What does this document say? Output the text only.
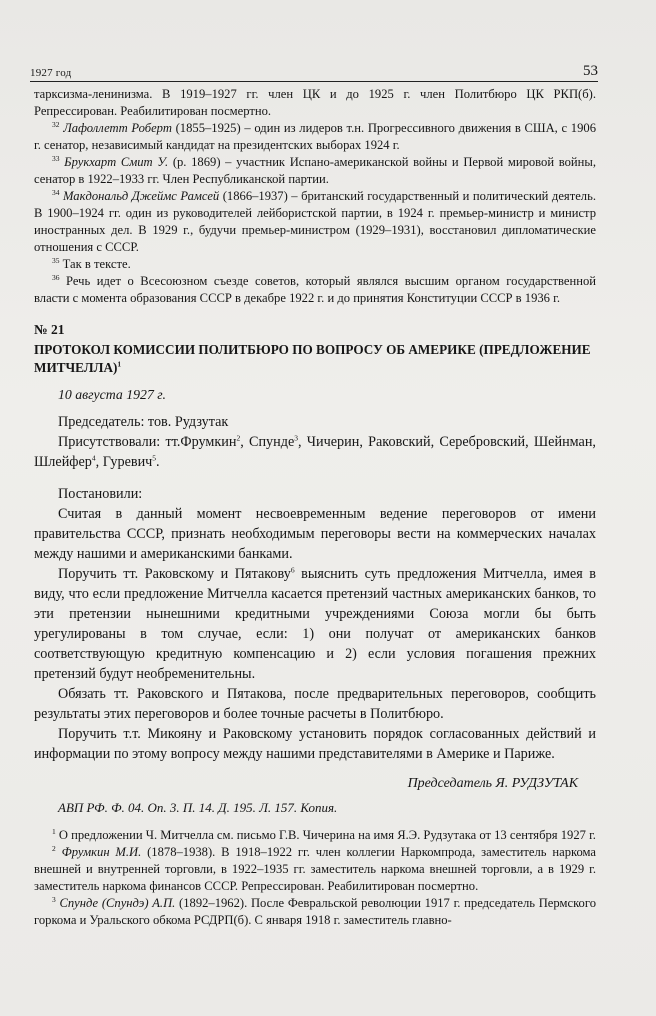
1927 год	53

тарксизма-ленинизма. В 1919–1927 гг. член ЦК и до 1925 г. член Политбюро ЦК РКП(б). Репрессирован. Реабилитирован посмертно.

$^{32}$ Лафоллетт Роберт (1855–1925) – один из лидеров т.н. Прогрессивного движения в США, с 1906 г. сенатор, независимый кандидат на президентских выборах 1924 г.

$^{33}$ Брукхарт Смит У. (р. 1869) – участник Испано-американской войны и Первой мировой войны, сенатор в 1922–1933 гг. Член Республиканской партии.

$^{34}$ Макдональд Джеймс Рамсей (1866–1937) – британский государственный и политический деятель. В 1900–1924 гг. один из руководителей лейбористской партии, в 1924 г. премьер-министр и министр иностранных дел. В 1929 г., будучи премьер-министром (1929–1931), восстановил дипломатические отношения с СССР.

$^{35}$ Так в тексте.

$^{36}$ Речь идет о Всесоюзном съезде советов, который являлся высшим органом государственной власти с момента образования СССР в декабре 1922 г. и до принятия Конституции СССР в 1936 г.

№ 21

ПРОТОКОЛ КОМИССИИ ПОЛИТБЮРО ПО ВОПРОСУ ОБ АМЕРИКЕ (ПРЕДЛОЖЕНИЕ МИТЧЕЛЛА)$^1$

10 августа 1927 г.

Председатель: тов. Рудзутак

Присутствовали: тт.Фрумкин$^2$, Спунде$^3$, Чичерин, Раковский, Серебровский, Шейнман, Шлейфер$^4$, Гуревич$^5$.

Постановили:

Считая в данный момент несвоевременным ведение переговоров от имени правительства СССР, признать необходимым переговоры вести на коммерческих началах между нашими и американскими банками.

Поручить тт. Раковскому и Пятакову$^6$ выяснить суть предложения Митчелла, имея в виду, что если предложение Митчелла касается претензий частных американских банков, то эти претензии нынешними кредитными учреждениями Союза могли бы быть урегулированы в том случае, если: 1) они получат от американских банков соответствующую кредитную компенсацию и 2) если условия погашения прежних претензий будут необременительны.

Обязать тт. Раковского и Пятакова, после предварительных переговоров, сообщить результаты этих переговоров и более точные расчеты в Политбюро.

Поручить т.т. Микояну и Раковскому установить порядок согласованных действий и информации по этому вопросу между нашими представителями в Америке и Париже.

Председатель Я. РУДЗУТАК

АВП РФ. Ф. 04. Оп. 3. П. 14. Д. 195. Л. 157. Копия.

$^1$ О предложении Ч. Митчелла см. письмо Г.В. Чичерина на имя Я.Э. Рудзутака от 13 сентября 1927 г.

$^2$ Фрумкин М.И. (1878–1938). В 1918–1922 гг. член коллегии Наркомпрода, заместитель наркома внешней и внутренней торговли, в 1922–1935 гг. заместитель наркома внешней торговли, а в 1929 г. заместитель наркома финансов СССР. Репрессирован. Реабилитирован посмертно.

$^3$ Спунде (Спундэ) А.П. (1892–1962). После Февральской революции 1917 г. председатель Пермского горкома и Уральского обкома РСДРП(б). С января 1918 г. заместитель главно-
